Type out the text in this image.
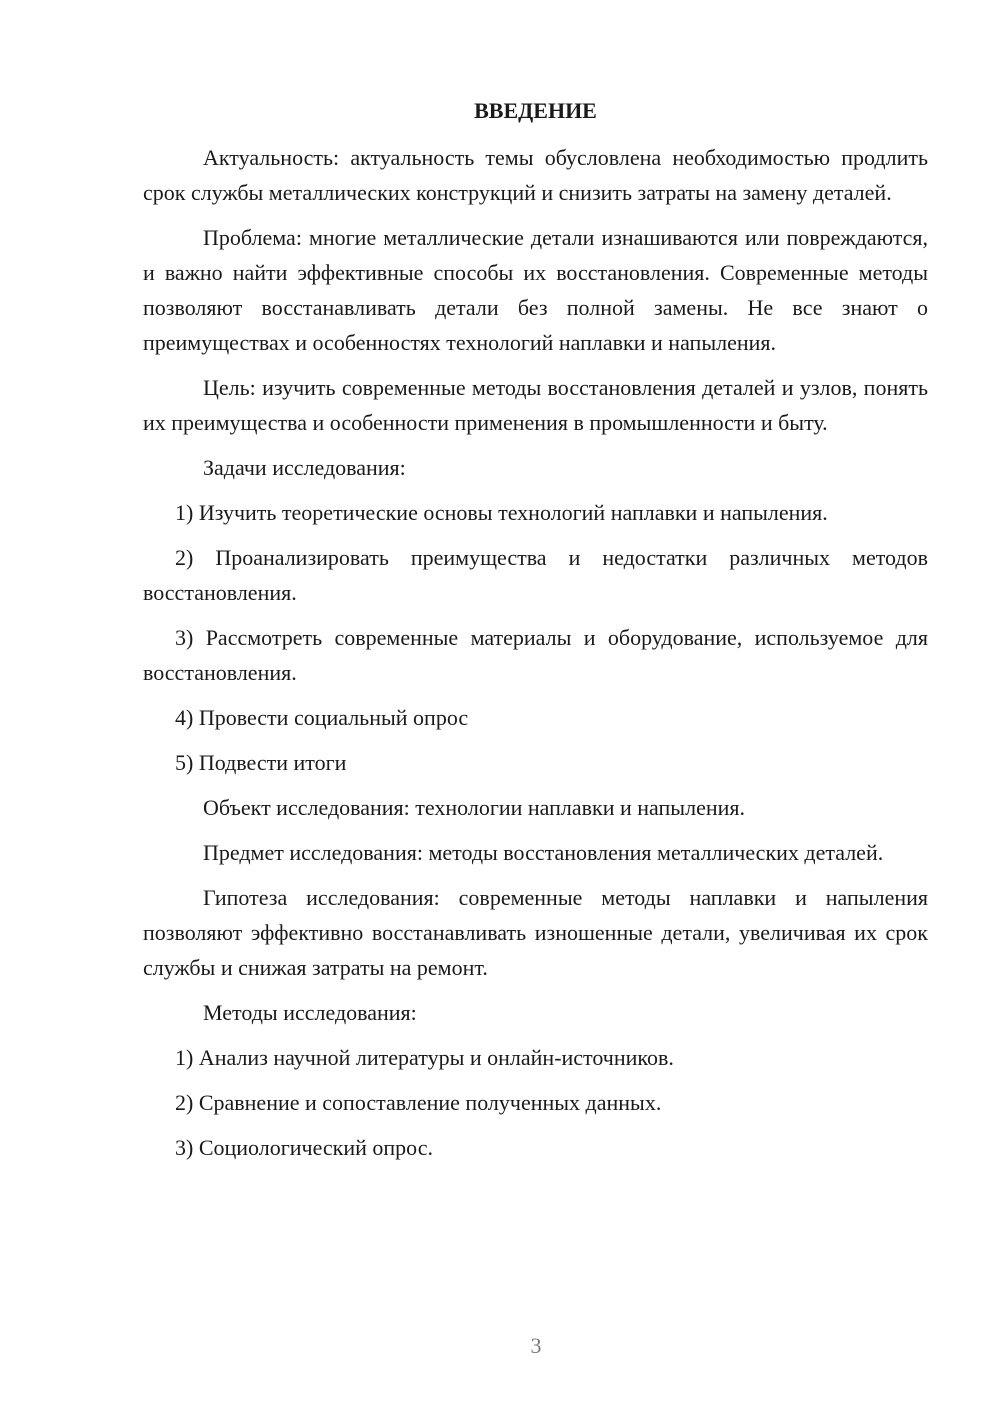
ВВЕДЕНИЕ

Актуальность: актуальность темы обусловлена необходимостью продлить срок службы металлических конструкций и снизить затраты на замену деталей.

Проблема: многие металлические детали изнашиваются или повреждаются, и важно найти эффективные способы их восстановления. Современные методы позволяют восстанавливать детали без полной замены. Не все знают о преимуществах и особенностях технологий наплавки и напыления.

Цель: изучить современные методы восстановления деталей и узлов, понять их преимущества и особенности применения в промышленности и быту.

Задачи исследования:

1) Изучить теоретические основы технологий наплавки и напыления.

2) Проанализировать преимущества и недостатки различных методов восстановления.

3) Рассмотреть современные материалы и оборудование, используемое для восстановления.

4) Провести социальный опрос

5) Подвести итоги

Объект исследования: технологии наплавки и напыления.

Предмет исследования: методы восстановления металлических деталей.

Гипотеза исследования: современные методы наплавки и напыления позволяют эффективно восстанавливать изношенные детали, увеличивая их срок службы и снижая затраты на ремонт.

Методы исследования:

1) Анализ научной литературы и онлайн-источников.

2) Сравнение и сопоставление полученных данных.

3) Социологический опрос.

3
